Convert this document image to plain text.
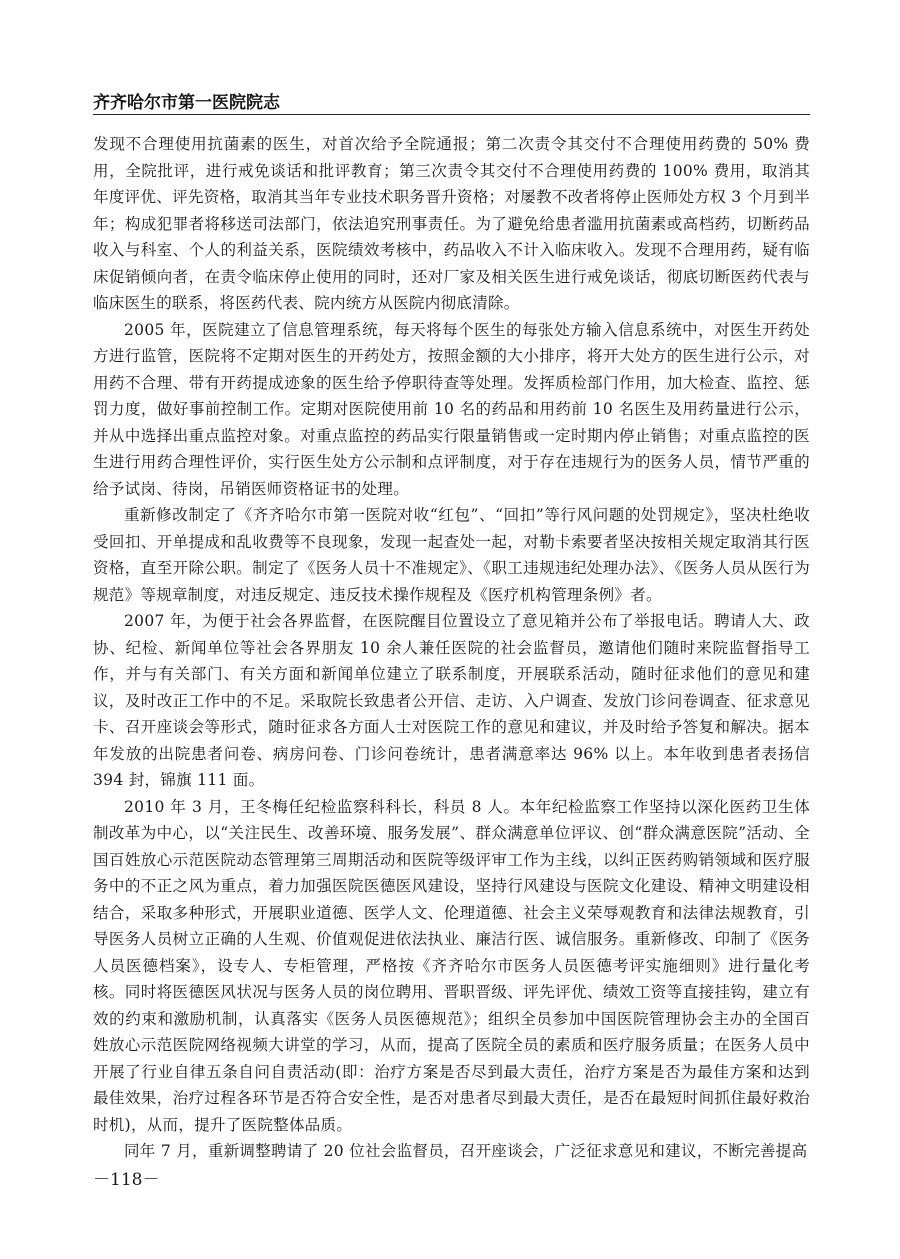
齐齐哈尔市第一医院院志

发现不合理使用抗菌素的医生，对首次给予全院通报；第二次责令其交付不合理使用药费的 50% 费用，全院批评，进行戒免谈话和批评教育；第三次责令其交付不合理使用药费的 100% 费用，取消其年度评优、评先资格，取消其当年专业技术职务晋升资格；对屡教不改者将停止医师处方权 3 个月到半年；构成犯罪者将移送司法部门，依法追究刑事责任。为了避免给患者滥用抗菌素或高档药，切断药品收入与科室、个人的利益关系，医院绩效考核中，药品收入不计入临床收入。发现不合理用药，疑有临床促销倾向者，在责令临床停止使用的同时，还对厂家及相关医生进行戒免谈话，彻底切断医药代表与临床医生的联系，将医药代表、院内统方从医院内彻底清除。

2005 年，医院建立了信息管理系统，每天将每个医生的每张处方输入信息系统中，对医生开药处方进行监管，医院将不定期对医生的开药处方，按照金额的大小排序，将开大处方的医生进行公示，对用药不合理、带有开药提成迹象的医生给予停职待查等处理。发挥质检部门作用，加大检查、监控、惩罚力度，做好事前控制工作。定期对医院使用前 10 名的药品和用药前 10 名医生及用药量进行公示，并从中选择出重点监控对象。对重点监控的药品实行限量销售或一定时期内停止销售；对重点监控的医生进行用药合理性评价，实行医生处方公示制和点评制度，对于存在违规行为的医务人员，情节严重的给予试岗、待岗，吊销医师资格证书的处理。

重新修改制定了《齐齐哈尔市第一医院对收“红包”、“回扣”等行风问题的处罚规定》，坚决杜绝收受回扣、开单提成和乱收费等不良现象，发现一起查处一起，对勒卡索要者坚决按相关规定取消其行医资格，直至开除公职。制定了《医务人员十不准规定》、《职工违规违纪处理办法》、《医务人员从医行为规范》等规章制度，对违反规定、违反技术操作规程及《医疗机构管理条例》者。

2007 年，为便于社会各界监督，在医院醒目位置设立了意见箱并公布了举报电话。聘请人大、政协、纪检、新闻单位等社会各界朋友 10 余人兼任医院的社会监督员，邀请他们随时来院监督指导工作，并与有关部门、有关方面和新闻单位建立了联系制度，开展联系活动，随时征求他们的意见和建议，及时改正工作中的不足。采取院长致患者公开信、走访、入户调查、发放门诊问卷调查、征求意见卡、召开座谈会等形式，随时征求各方面人士对医院工作的意见和建议，并及时给予答复和解决。据本年发放的出院患者问卷、病房问卷、门诊问卷统计，患者满意率达 96% 以上。本年收到患者表扬信 394 封，锦旗 111 面。

2010 年 3 月，王冬梅任纪检监察科科长，科员 8 人。本年纪检监察工作坚持以深化医药卫生体制改革为中心，以“关注民生、改善环境、服务发展”、群众满意单位评议、创“群众满意医院”活动、全国百姓放心示范医院动态管理第三周期活动和医院等级评审工作为主线，以纠正医药购销领域和医疗服务中的不正之风为重点，着力加强医院医德医风建设，坚持行风建设与医院文化建设、精神文明建设相结合，采取多种形式，开展职业道德、医学人文、伦理道德、社会主义荣辱观教育和法律法规教育，引导医务人员树立正确的人生观、价值观促进依法执业、廉洁行医、诚信服务。重新修改、印制了《医务人员医德档案》，设专人、专柜管理，严格按《齐齐哈尔市医务人员医德考评实施细则》进行量化考核。同时将医德医风状况与医务人员的岗位聘用、晋职晋级、评先评优、绩效工资等直接挂钩，建立有效的约束和激励机制，认真落实《医务人员医德规范》；组织全员参加中国医院管理协会主办的全国百姓放心示范医院网络视频大讲堂的学习，从而，提高了医院全员的素质和医疗服务质量；在医务人员中开展了行业自律五条自问自责活动(即：治疗方案是否尽到最大责任，治疗方案是否为最佳方案和达到最佳效果，治疗过程各环节是否符合安全性，是否对患者尽到最大责任，是否在最短时间抓住最好救治时机)，从而，提升了医院整体品质。

同年 7 月，重新调整聘请了 20 位社会监督员，召开座谈会，广泛征求意见和建议，不断完善提高

－118－
